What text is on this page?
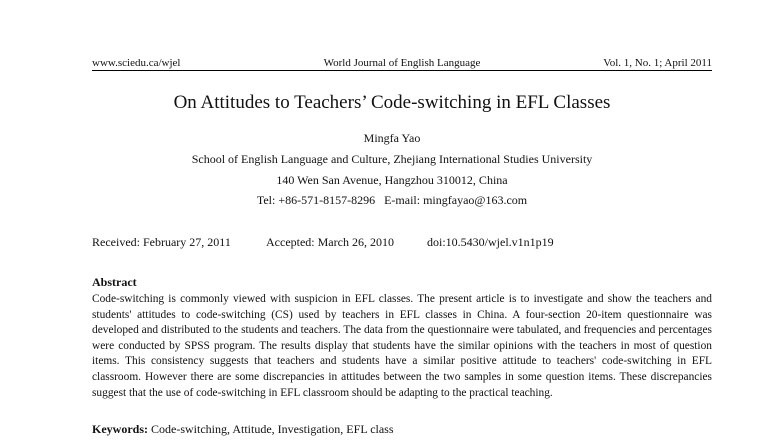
www.sciedu.ca/wjel	World Journal of English Language	Vol. 1, No. 1; April 2011
On Attitudes to Teachers’ Code-switching in EFL Classes
Mingfa Yao
School of English Language and Culture, Zhejiang International Studies University
140 Wen San Avenue, Hangzhou 310012, China
Tel: +86-571-8157-8296   E-mail: mingfayao@163.com
Received: February 27, 2011	Accepted: March 26, 2010	doi:10.5430/wjel.v1n1p19
Abstract
Code-switching is commonly viewed with suspicion in EFL classes. The present article is to investigate and show the teachers and students' attitudes to code-switching (CS) used by teachers in EFL classes in China. A four-section 20-item questionnaire was developed and distributed to the students and teachers. The data from the questionnaire were tabulated, and frequencies and percentages were conducted by SPSS program. The results display that students have the similar opinions with the teachers in most of question items. This consistency suggests that teachers and students have a similar positive attitude to teachers' code-switching in EFL classroom. However there are some discrepancies in attitudes between the two samples in some question items. These discrepancies suggest that the use of code-switching in EFL classroom should be adapting to the practical teaching.
Keywords: Code-switching, Attitude, Investigation, EFL class
